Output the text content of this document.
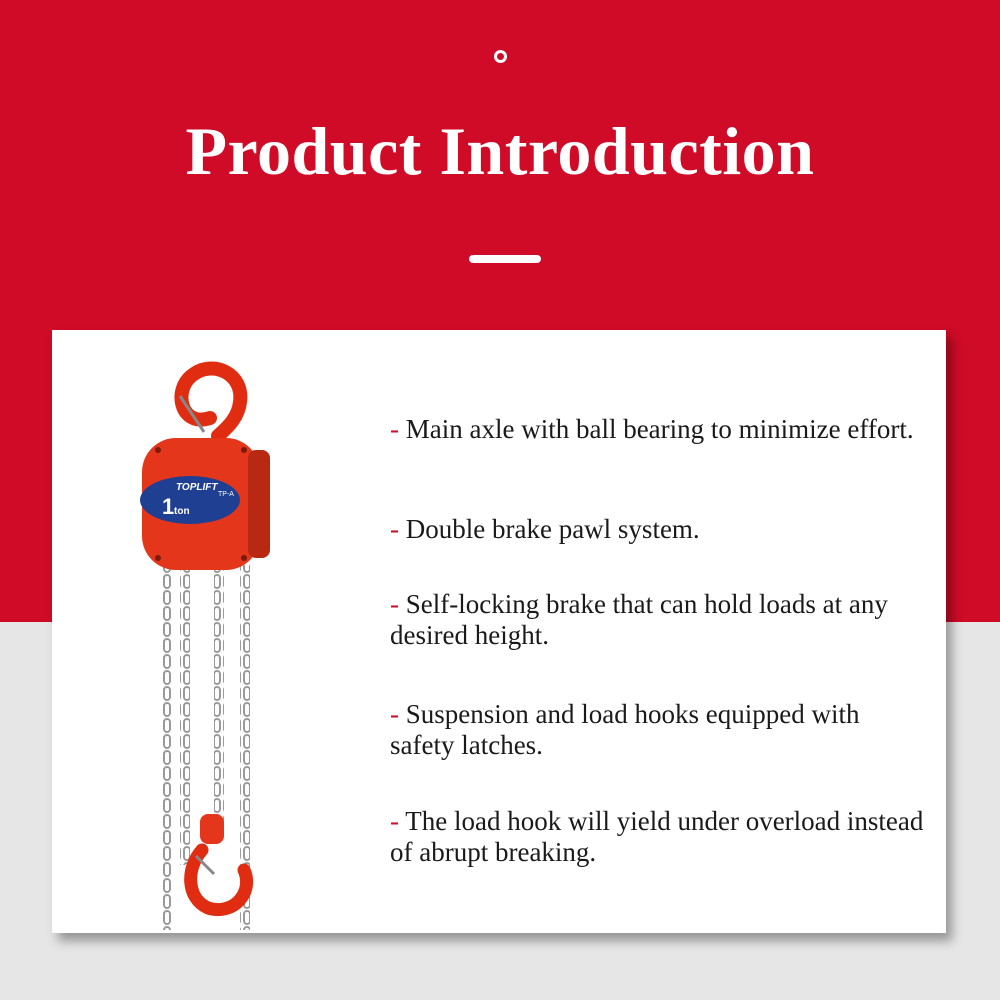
Product Introduction
1 ton
TOPLIFT
TP-A
- Main axle with ball bearing to minimize effort.
- Double brake pawl system.
- Self-locking brake that can hold loads at any desired height.
- Suspension and load hooks equipped with safety latches.
- The load hook will yield under overload instead of abrupt breaking.
